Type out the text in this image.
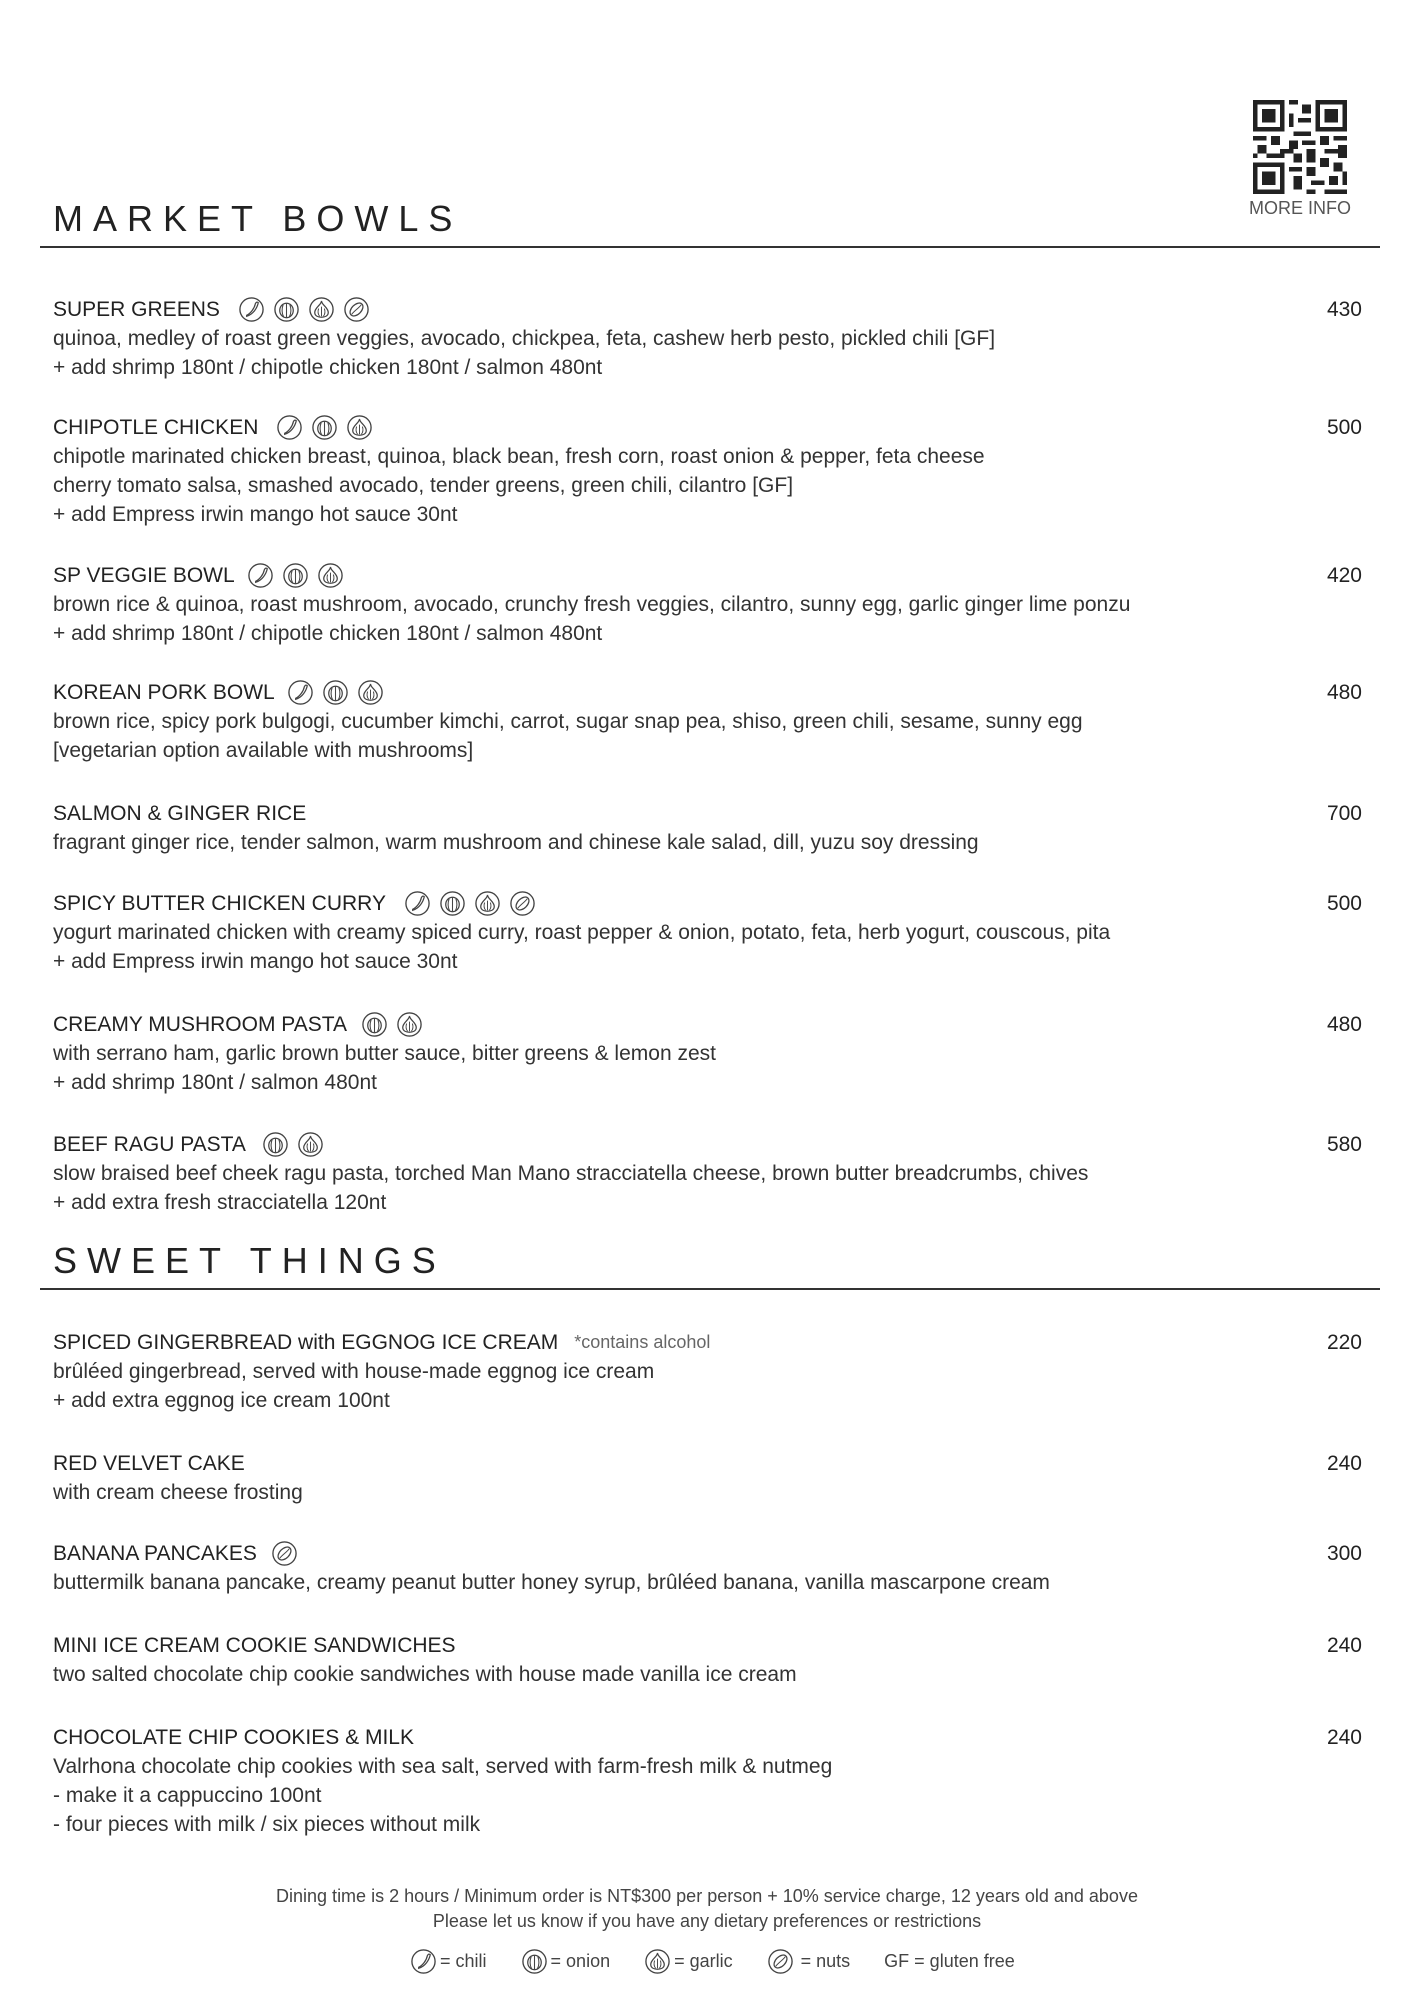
MORE INFO
MARKET BOWLS
SUPER GREENS	430
quinoa, medley of roast green veggies, avocado, chickpea, feta, cashew herb pesto, pickled chili [GF]
+ add shrimp 180nt / chipotle chicken 180nt / salmon 480nt
CHIPOTLE CHICKEN	500
chipotle marinated chicken breast, quinoa, black bean, fresh corn, roast onion & pepper, feta cheese
cherry tomato salsa, smashed avocado, tender greens, green chili, cilantro [GF]
+ add Empress irwin mango hot sauce 30nt
SP VEGGIE BOWL	420
brown rice & quinoa, roast mushroom, avocado, crunchy fresh veggies, cilantro, sunny egg, garlic ginger lime ponzu
+ add shrimp 180nt / chipotle chicken 180nt / salmon 480nt
KOREAN PORK BOWL	480
brown rice, spicy pork bulgogi, cucumber kimchi, carrot, sugar snap pea, shiso, green chili, sesame, sunny egg
[vegetarian option available with mushrooms]
SALMON & GINGER RICE	700
fragrant ginger rice, tender salmon, warm mushroom and chinese kale salad, dill, yuzu soy dressing
SPICY BUTTER CHICKEN CURRY	500
yogurt marinated chicken with creamy spiced curry, roast pepper & onion, potato, feta, herb yogurt, couscous, pita
+ add Empress irwin mango hot sauce 30nt
CREAMY MUSHROOM PASTA	480
with serrano ham, garlic brown butter sauce, bitter greens & lemon zest
+ add shrimp 180nt / salmon 480nt
BEEF RAGU PASTA	580
slow braised beef cheek ragu pasta, torched Man Mano stracciatella cheese, brown butter breadcrumbs, chives
+ add extra fresh stracciatella 120nt
SWEET THINGS
SPICED GINGERBREAD with EGGNOG ICE CREAM *contains alcohol	220
brûléed gingerbread, served with house-made eggnog ice cream
+ add extra eggnog ice cream 100nt
RED VELVET CAKE	240
with cream cheese frosting
BANANA PANCAKES	300
buttermilk banana pancake, creamy peanut butter honey syrup, brûléed banana, vanilla mascarpone cream
MINI ICE CREAM COOKIE SANDWICHES	240
two salted chocolate chip cookie sandwiches with house made vanilla ice cream
CHOCOLATE CHIP COOKIES & MILK	240
Valrhona chocolate chip cookies with sea salt, served with farm-fresh milk & nutmeg
- make it a cappuccino 100nt
- four pieces with milk / six pieces without milk
Dining time is 2 hours / Minimum order is NT$300 per person + 10% service charge, 12 years old and above
Please let us know if you have any dietary preferences or restrictions
= chili	= onion	= garlic	= nuts GF = gluten free
